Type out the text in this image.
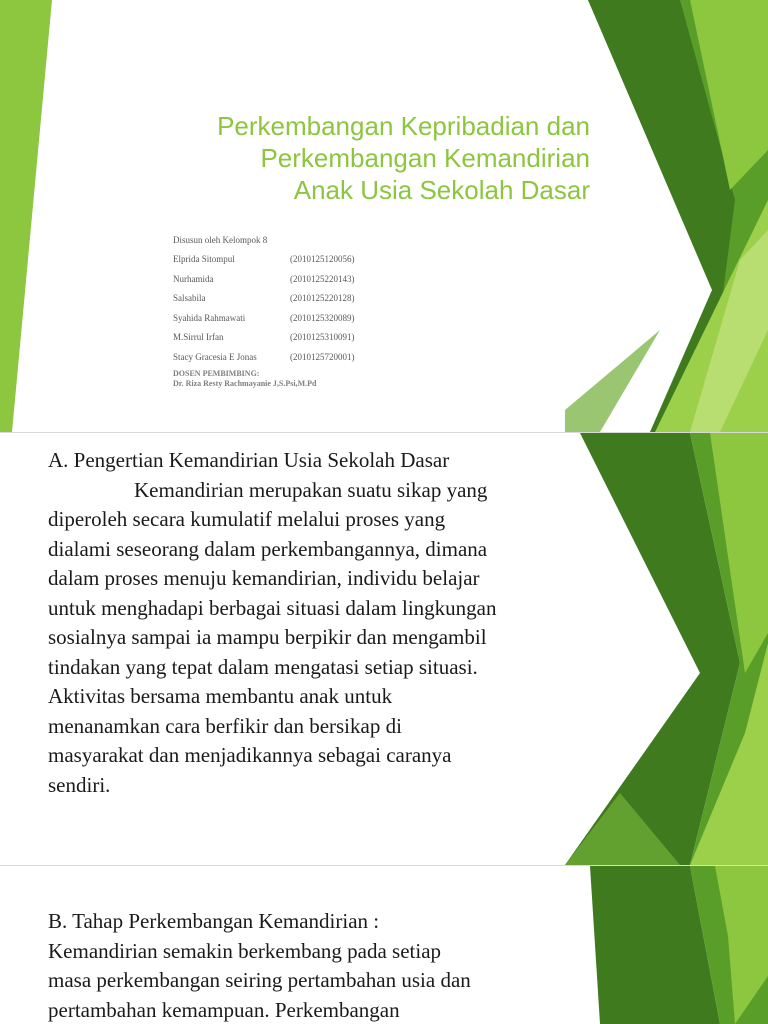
Perkembangan Kepribadian dan
Perkembangan Kemandirian
Anak Usia Sekolah Dasar
Disusun oleh Kelompok 8
Elprida Sitompul	(2010125120056)
Nurhamida	(2010125220143)
Salsabila	(2010125220128)
Syahida Rahmawati	(2010125320089)
M.Sirrul Irfan	(2010125310091)
Stacy Gracesia E Jonas	(2010125720001)
DOSEN PEMBIMBING:
Dr. Riza Resty Rachmayanie J,S.Psi,M.Pd
A. Pengertian Kemandirian Usia Sekolah Dasar
Kemandirian merupakan suatu sikap yang
diperoleh secara kumulatif melalui proses yang
dialami seseorang dalam perkembangannya, dimana
dalam proses menuju kemandirian, individu belajar
untuk menghadapi berbagai situasi dalam lingkungan
sosialnya sampai ia mampu berpikir dan mengambil
tindakan yang tepat dalam mengatasi setiap situasi.
Aktivitas bersama membantu anak untuk
menanamkan cara berfikir dan bersikap di
masyarakat dan menjadikannya sebagai caranya
sendiri.
B. Tahap Perkembangan Kemandirian :
Kemandirian semakin berkembang pada setiap
masa perkembangan seiring pertambahan usia dan
pertambahan kemampuan. Perkembangan
